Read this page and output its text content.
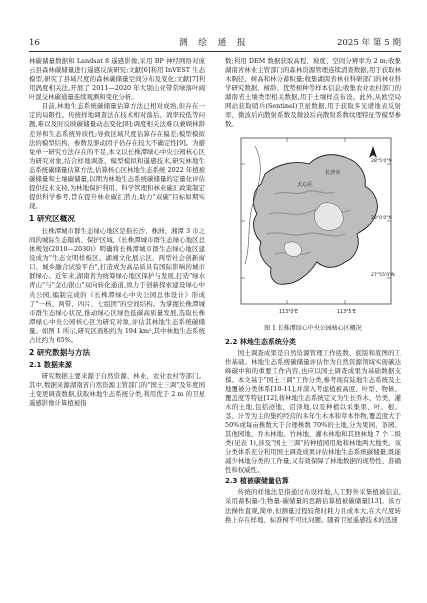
16	测 绘 通 报	2025 年 第 5 期

林碳储量数据和 Landsat 8 遥感影像,采用 BP 神经网络对庞云县森林碳储量进行遥感反演研究;文献[6]利用 InVEST 生态模型,研究了县域尺度的森林碳储量空间分布及变化;文献[7]利用涡度相关法,开展了 2011—2020 年大别山亚带常绿落叶阔叶混交林碳通量连续观测和变化分析。

目前,林地生态系统碳储量估算方法已相对成熟,但存在一定的局限性。传统样地调查法在技术相对落后、效率较低等问题,难以及时反映碳储量动态变化[8];调度相关法难以兼顾林龄差异和生态系统异质性;导致区域尺度估算存在偏差;模型模拟法的模型结构、参数及驱动因子仍存在较大不确定性[9]。为避免单一研究方法存在的不足,本文以长株潭绿心中央公园核心区为研究对象,结合样地调查、模型模拟和遥感技术,研究林地生态系统碳储量估算方法,估算核心区林地生态系统 2022 年植被碳储量和土壤碳储量,以期为林地生态系统碳储量的定量化评估提供技术支持,为林地保护利用、科学管理和林业碳汇政策制定提供科学参考,旨在提升林业碳汇潜力,助力"双碳"目标如期实现。

1 研究区概况

长株潭城市群生态绿心地区是指长沙、株洲、湘潭 3 市之间的城际生态隔离、保护区域,《长株潭城市群生态绿心地区总体规划(2010—2030)》明确将长株潭城市群生态绿心地区建设成为"生态文明样板区、湖湘文化展示区、两型社会创新窗口、城乡融合试验平台",打造成为高品质具有国际影响的城市群绿心。近年来,湖南省为统筹绿心地区保护与发展,打造"绿水青山"与"金山银山"双向转化通道,致力于创新探索建设绿心中央公园,编制完成的《长株潭绿心中央公园总体设计》形成了"一核、两带、四片、七组团"的空间结构。为掌握长株潭城市群生态绿心状况,推动绿心区绿色低碳高质量发展,选取长株潭绿心中央公园核心区为研究对象,评估其林地生态系统碳储量。如图 1 所示,研究区面积约为 194 km²,其中林地生态系统占比约为 65%。

2 研究数据与方法
2.1 数据来源

研究数据主要来源于自然资源、林业、农业农村等部门。其中,数据来源湖南省自然资源主管部门的"国土三调"及年度国土变更调查数据,获取林地生态系统分类,利用优于 2 m 的卫星遥感影像计算植被指

数;利用 DEM 数据获取高程、坡度、空间分辨率为 2 m;收集湖南省林业主管部门的森林资源管理连续清查数据,用于获取林木胸径、树高和林分蓄积量;收集湖南省林业科研部门的林业科学研究数据、树龄、优势树种等样本信息;收集农业农村部门的湖南省土壤类型相关数据,用于土壤样点布设。此外,从欧空局网站获取哨兵(Sentinel)卫星数据,用于获取多光谱地表反射率、微波后向散射系数及微波后向散射系数纹理特征等模型参数。

天心区
长沙市
28°5'0"N
28°0'0"N
27°55'0"N
113°0'E	113°5'E
图 1 长株潭绿心中央公园核心区概况
2.2 林地生态系统分类

国土调查成果是自然资源管理工作底数、底版和底图的工作基础。林地生态系统碳储量评估作为自然资源领域实现碳达峰碳中和的重要工作内容,也应以国土调查成果为基础数据支撑。本文基于"国土三调"工作分类,参考现有陆地生态系统及土地覆被分类体系[10-11],并深入考虑植被高度、叶型、物候、覆盖度等特征[12],将林地生态系统定义为生长乔木、竹类、灌木的土地,包括迹地、沼泽地,以及种植以采集果、叶、根、茎、汁等为主的集约经营的多年生木本和草本作物,覆盖度大于 50%或每亩株数大于合理株数 70%的土地,分为果园、茶园、其他园地、乔木林地、竹林地、灌木林地和其他林地 7 个二级类(见表 1),涉及"国土三调"的种植园用地和林地两大地类。该分类体系充分利用国土调查成果评估林地生态系统碳储量,既能减少林地分类的工作量,又有效保障了林地数据的现势性、准确性和权威性。

2.3 植被碳储量估算

传统的样地法是指通过布设样地,人工野外采集植被信息,采用蓄积量-生物量-碳储量的思路估算植被碳储量[13]。该方法操作直观,简单,但测量过程较费时耗力且成本大,在大尺度转换上存在样地、标准树不可比问题。随着卫星遥感技术的迅速
